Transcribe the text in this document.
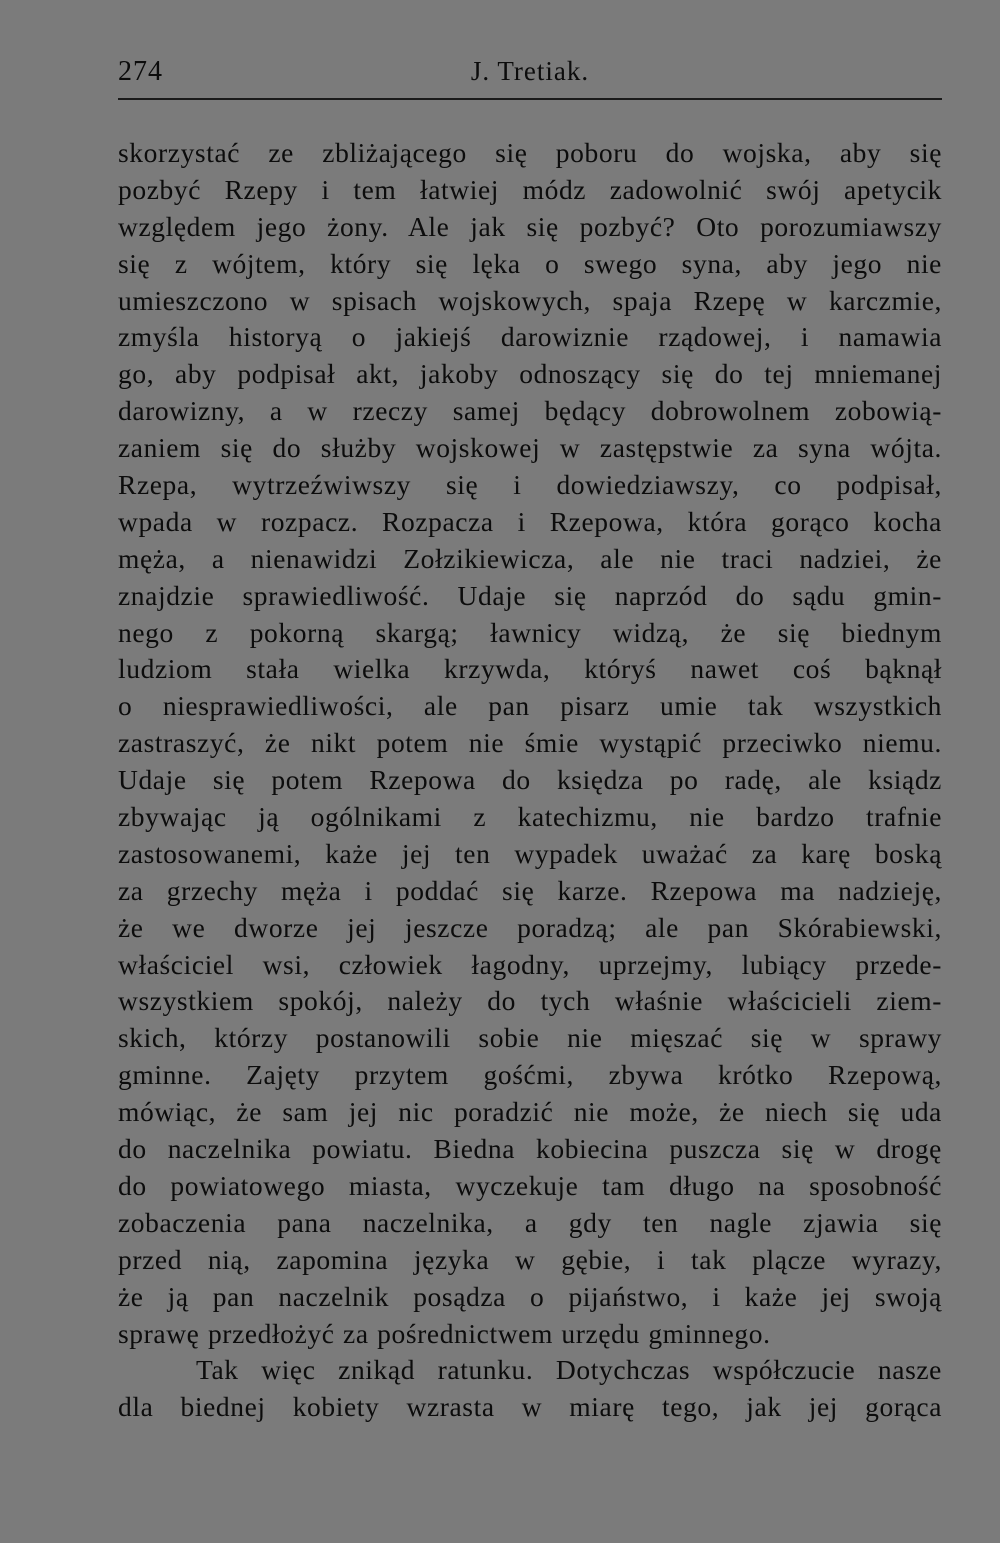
274	J. Tretiak.
skorzystać ze zbliżającego się poboru do wojska, aby się
pozbyć Rzepy i tem łatwiej módz zadowolnić swój apetycik
względem jego żony. Ale jak się pozbyć? Oto porozumiawszy
się z wójtem, który się lęka o swego syna, aby jego nie
umieszczono w spisach wojskowych, spaja Rzepę w karczmie,
zmyśla historyą o jakiejś darowiznie rządowej, i namawia
go, aby podpisał akt, jakoby odnoszący się do tej mniemanej
darowizny, a w rzeczy samej będący dobrowolnem zobowią-
zaniem się do służby wojskowej w zastępstwie za syna wójta.
Rzepa, wytrzeźwiwszy się i dowiedziawszy, co podpisał,
wpada w rozpacz. Rozpacza i Rzepowa, która gorąco kocha
męża, a nienawidzi Zołzikiewicza, ale nie traci nadziei, że
znajdzie sprawiedliwość. Udaje się naprzód do sądu gmin-
nego z pokorną skargą; ławnicy widzą, że się biednym
ludziom stała wielka krzywda, któryś nawet coś bąknął
o niesprawiedliwości, ale pan pisarz umie tak wszystkich
zastraszyć, że nikt potem nie śmie wystąpić przeciwko niemu.
Udaje się potem Rzepowa do księdza po radę, ale ksiądz
zbywając ją ogólnikami z katechizmu, nie bardzo trafnie
zastosowanemi, każe jej ten wypadek uważać za karę boską
za grzechy męża i poddać się karze. Rzepowa ma nadzieję,
że we dworze jej jeszcze poradzą; ale pan Skórabiewski,
właściciel wsi, człowiek łagodny, uprzejmy, lubiący przede-
wszystkiem spokój, należy do tych właśnie właścicieli ziem-
skich, którzy postanowili sobie nie mięszać się w sprawy
gminne. Zajęty przytem gośćmi, zbywa krótko Rzepową,
mówiąc, że sam jej nic poradzić nie może, że niech się uda
do naczelnika powiatu. Biedna kobiecina puszcza się w drogę
do powiatowego miasta, wyczekuje tam długo na sposobność
zobaczenia pana naczelnika, a gdy ten nagle zjawia się
przed nią, zapomina języka w gębie, i tak plącze wyrazy,
że ją pan naczelnik posądza o pijaństwo, i każe jej swoją
sprawę przedłożyć za pośrednictwem urzędu gminnego.
Tak więc znikąd ratunku. Dotychczas współczucie nasze
dla biednej kobiety wzrasta w miarę tego, jak jej gorąca
